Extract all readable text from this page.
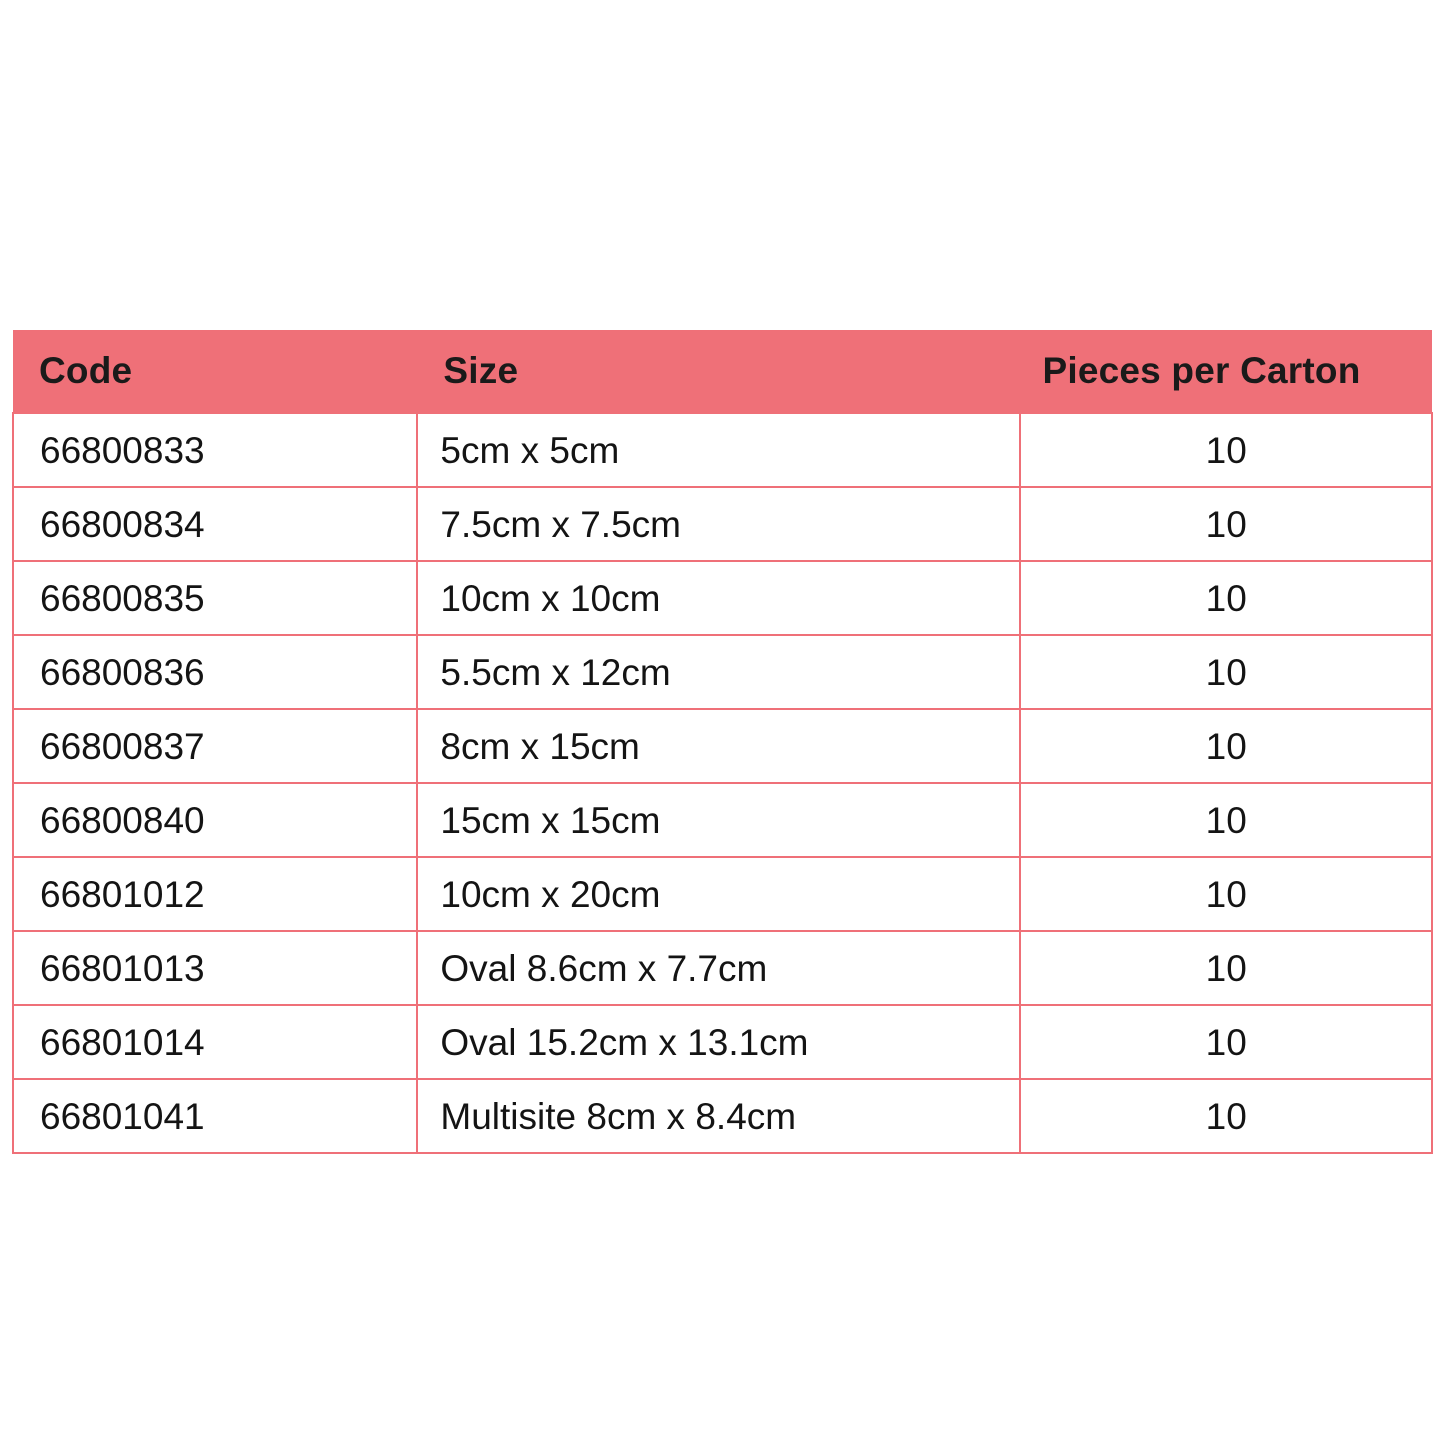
Code	Size	Pieces per Carton
66800833	5cm x 5cm	10
66800834	7.5cm x 7.5cm	10
66800835	10cm x 10cm	10
66800836	5.5cm x 12cm	10
66800837	8cm x 15cm	10
66800840	15cm x 15cm	10
66801012	10cm x 20cm	10
66801013	Oval 8.6cm x 7.7cm	10
66801014	Oval 15.2cm x 13.1cm	10
66801041	Multisite 8cm x 8.4cm	10
